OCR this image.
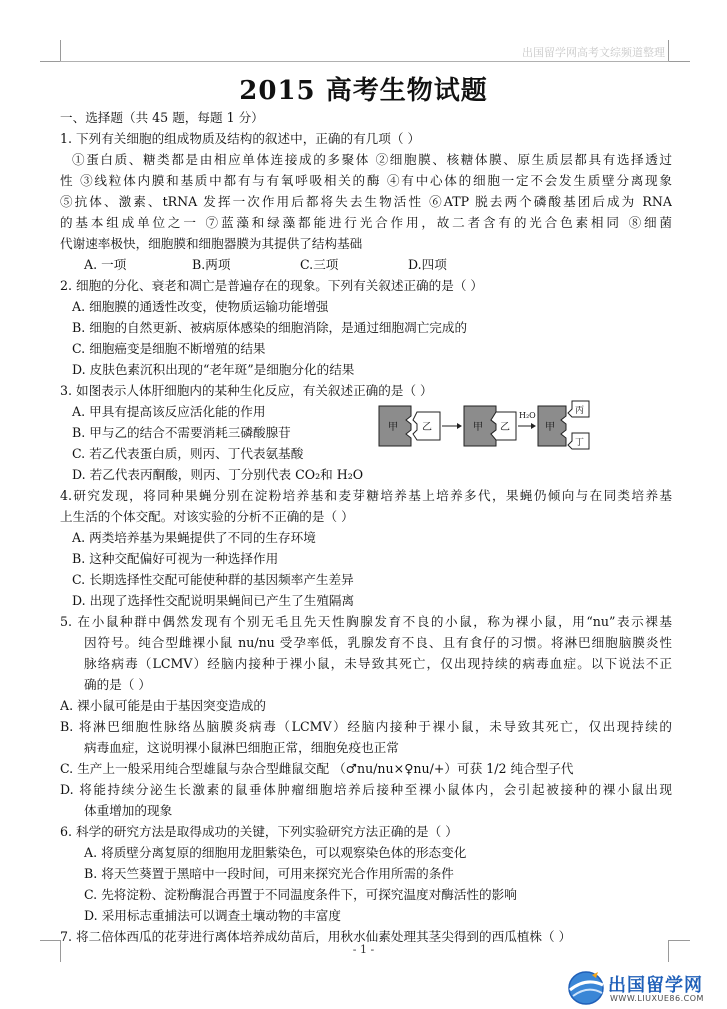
出国留学网高考文综频道整理
2015 高考生物试题
一、选择题（共 45 题，每题 1 分）
1. 下列有关细胞的组成物质及结构的叙述中，正确的有几项（ ）
①蛋白质、糖类都是由相应单体连接成的多聚体 ②细胞膜、核糖体膜、原生质层都具有选择透过
性 ③线粒体内膜和基质中都有与有氧呼吸相关的酶 ④有中心体的细胞一定不会发生质壁分离现象
⑤抗体、激素、tRNA 发挥一次作用后都将失去生物活性 ⑥ATP 脱去两个磷酸基团后成为 RNA
的基本组成单位之一 ⑦蓝藻和绿藻都能进行光合作用，故二者含有的光合色素相同 ⑧细菌
代谢速率极快，细胞膜和细胞器膜为其提供了结构基础
A. 一项	B.两项	C.三项	D.四项
2. 细胞的分化、衰老和凋亡是普遍存在的现象。下列有关叙述正确的是（ ）
A. 细胞膜的通透性改变，使物质运输功能增强
B. 细胞的自然更新、被病原体感染的细胞消除，是通过细胞凋亡完成的
C. 细胞癌变是细胞不断增殖的结果
D. 皮肤色素沉积出现的“老年斑”是细胞分化的结果
3. 如图表示人体肝细胞内的某种生化反应，有关叙述正确的是（ ）
A. 甲具有提高该反应活化能的作用
B. 甲与乙的结合不需要消耗三磷酸腺苷
C. 若乙代表蛋白质，则丙、丁代表氨基酸
D. 若乙代表丙酮酸，则丙、丁分别代表 CO₂和 H₂O
4.研究发现，将同种果蝇分别在淀粉培养基和麦芽糖培养基上培养多代，果蝇仍倾向与在同类培养基
上生活的个体交配。对该实验的分析不正确的是（ ）
A. 两类培养基为果蝇提供了不同的生存环境
B. 这种交配偏好可视为一种选择作用
C. 长期选择性交配可能使种群的基因频率产生差异
D. 出现了选择性交配说明果蝇间已产生了生殖隔离
5. 在小鼠种群中偶然发现有个别无毛且先天性胸腺发育不良的小鼠，称为裸小鼠，用“nu”表示裸基
因符号。纯合型雌裸小鼠 nu/nu 受孕率低，乳腺发育不良、且有食仔的习惯。将淋巴细胞脑膜炎性
脉络病毒（LCMV）经脑内接种于裸小鼠，未导致其死亡，仅出现持续的病毒血症。以下说法不正
确的是（ ）
A. 裸小鼠可能是由于基因突变造成的
B. 将淋巴细胞性脉络丛脑膜炎病毒（LCMV）经脑内接种于裸小鼠，未导致其死亡，仅出现持续的
病毒血症，这说明裸小鼠淋巴细胞正常，细胞免疫也正常
C. 生产上一般采用纯合型雄鼠与杂合型雌鼠交配 （♂nu/nu×♀nu/+）可获 1/2 纯合型子代
D. 将能持续分泌生长激素的鼠垂体肿瘤细胞培养后接种至裸小鼠体内，会引起被接种的裸小鼠出现
体重增加的现象
6. 科学的研究方法是取得成功的关键，下列实验研究方法正确的是（ ）
A. 将质壁分离复原的细胞用龙胆紫染色，可以观察染色体的形态变化
B. 将天竺葵置于黑暗中一段时间，可用来探究光合作用所需的条件
C. 先将淀粉、淀粉酶混合再置于不同温度条件下，可探究温度对酶活性的影响
D. 采用标志重捕法可以调查土壤动物的丰富度
7. 将二倍体西瓜的花芽进行离体培养成幼苗后，用秋水仙素处理其茎尖得到的西瓜植株（ ）
甲 乙	甲 乙
H₂O
甲
丙
丁
- 1 -
出国留学网
WWW.LIUXUE86.COM
